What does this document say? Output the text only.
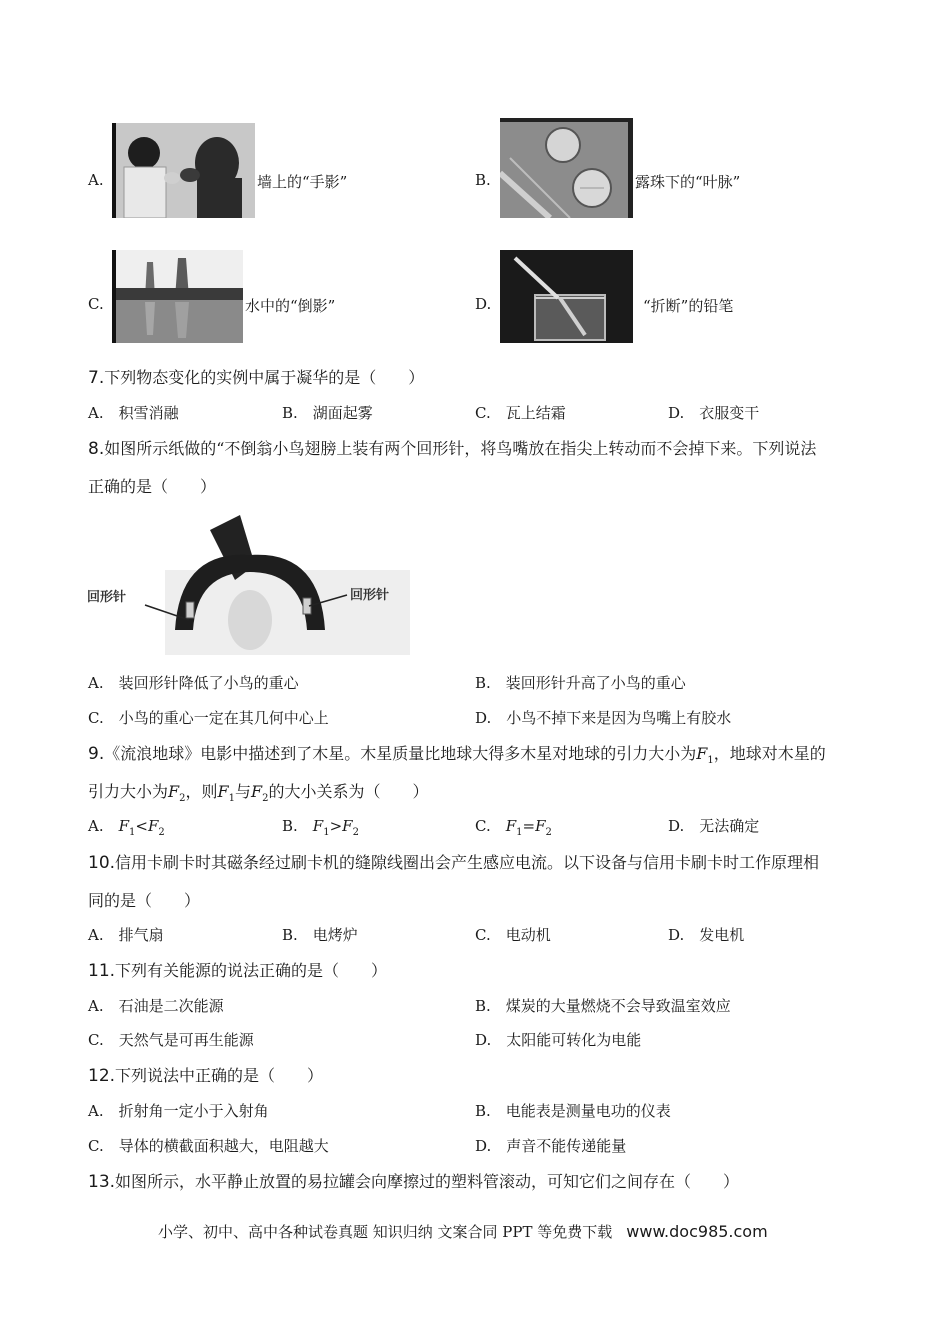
A.	墙上的“手影”	B.	露珠下的“叶脉”
C.	水中的“倒影”	D.	“折断”的铅笔
7.下列物态变化的实例中属于凝华的是（　　）
A.　积雪消融	B.　湖面起雾	C.　瓦上结霜	D.　衣服变干
8.如图所示纸做的“不倒翁小鸟翅膀上装有两个回形针，将鸟嘴放在指尖上转动而不会掉下来。下列说法
正确的是（　　）
回形针	回形针
A.　装回形针降低了小鸟的重心	B.　装回形针升高了小鸟的重心
C.　小鸟的重心一定在其几何中心上	D.　小鸟不掉下来是因为鸟嘴上有胶水
9.《流浪地球》电影中描述到了木星。木星质量比地球大得多木星对地球的引力大小为$F_1$，地球对木星的
引力大小为$F_2$，则$F_1$与$F_2$的大小关系为（　　）
A.　$F_1<F_2$	B.　$F_1>F_2$	C.　$F_1=F_2$	D.　无法确定
10.信用卡刷卡时其磁条经过刷卡机的缝隙线圈出会产生感应电流。以下设备与信用卡刷卡时工作原理相
同的是（　　）
A.　排气扇	B.　电烤炉	C.　电动机	D.　发电机
11.下列有关能源的说法正确的是（　　）
A.　石油是二次能源	B.　煤炭的大量燃烧不会导致温室效应
C.　天然气是可再生能源	D.　太阳能可转化为电能
12.下列说法中正确的是（　　）
A.　折射角一定小于入射角	B.　电能表是测量电功的仪表
C.　导体的横截面积越大，电阻越大	D.　声音不能传递能量
13.如图所示，水平静止放置的易拉罐会向摩擦过的塑料管滚动，可知它们之间存在（　　）
小学、初中、高中各种试卷真题 知识归纳 文案合同 PPT 等免费下载 www.doc985.com
